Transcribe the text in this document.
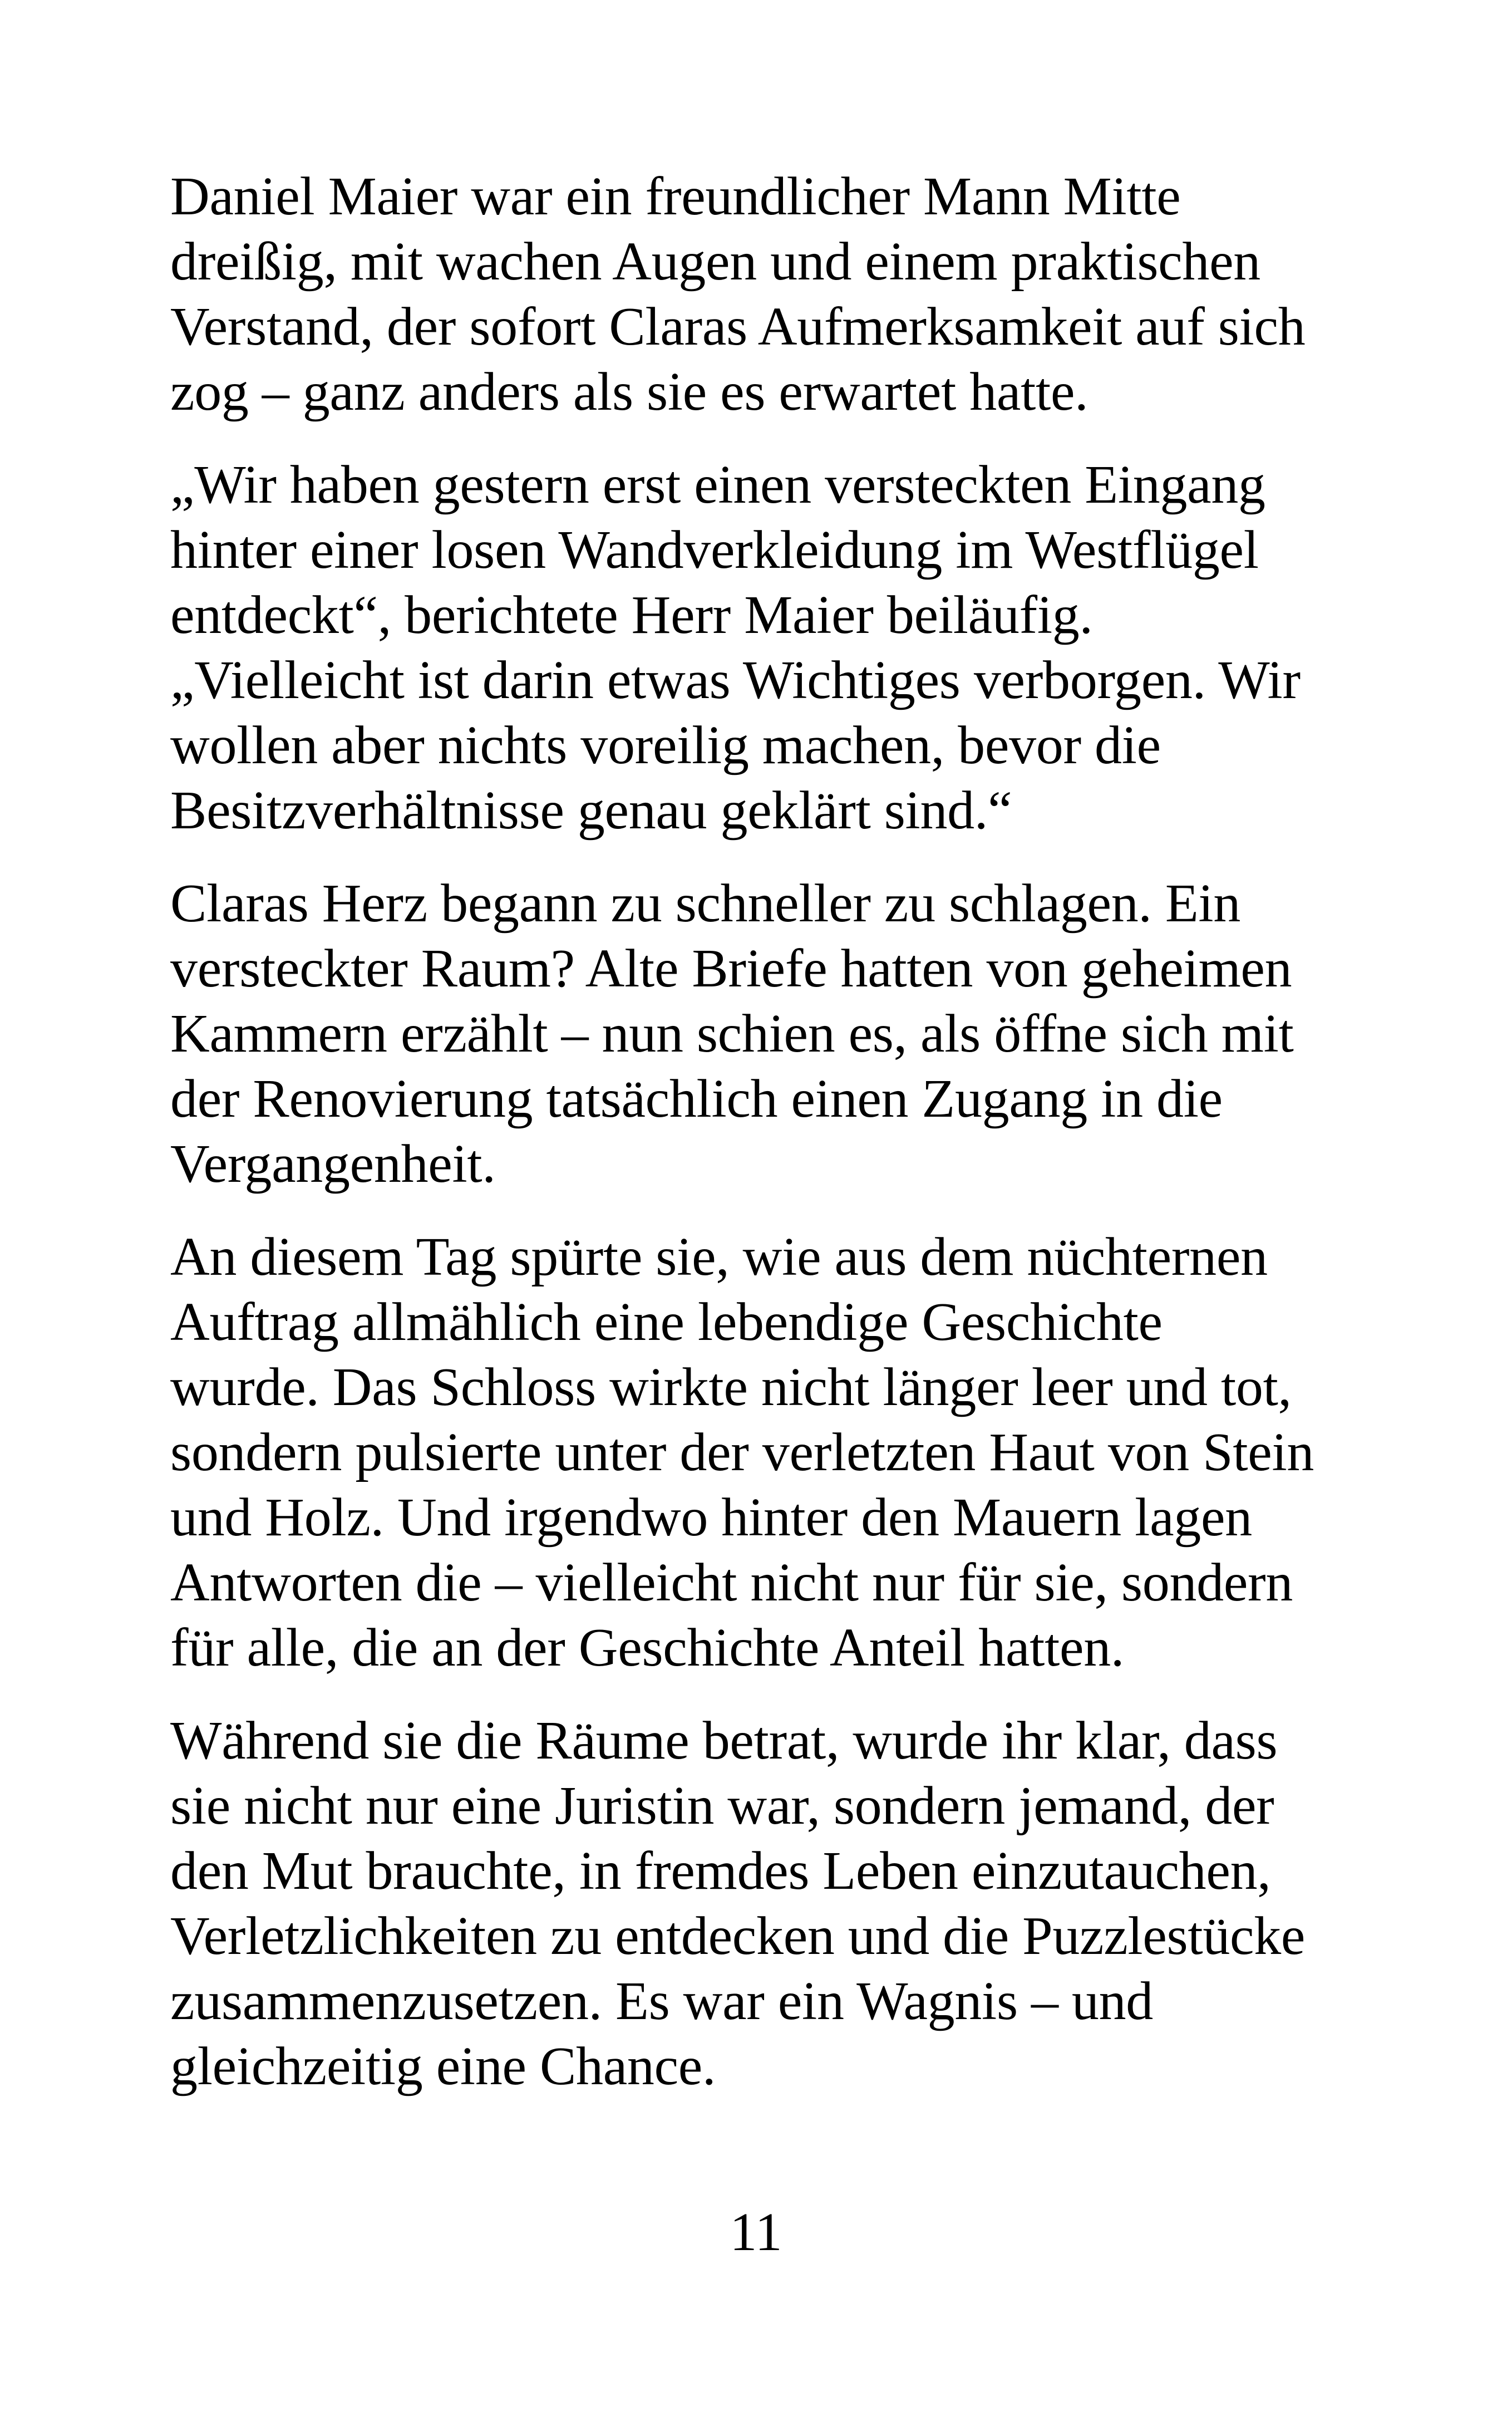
Daniel Maier war ein freundlicher Mann Mitte
dreißig, mit wachen Augen und einem praktischen
Verstand, der sofort Claras Aufmerksamkeit auf sich
zog – ganz anders als sie es erwartet hatte.

„Wir haben gestern erst einen versteckten Eingang
hinter einer losen Wandverkleidung im Westflügel
entdeckt“, berichtete Herr Maier beiläufig.
„Vielleicht ist darin etwas Wichtiges verborgen. Wir
wollen aber nichts voreilig machen, bevor die
Besitzverhältnisse genau geklärt sind.“

Claras Herz begann zu schneller zu schlagen. Ein
versteckter Raum? Alte Briefe hatten von geheimen
Kammern erzählt – nun schien es, als öffne sich mit
der Renovierung tatsächlich einen Zugang in die
Vergangenheit.

An diesem Tag spürte sie, wie aus dem nüchternen
Auftrag allmählich eine lebendige Geschichte
wurde. Das Schloss wirkte nicht länger leer und tot,
sondern pulsierte unter der verletzten Haut von Stein
und Holz. Und irgendwo hinter den Mauern lagen
Antworten die – vielleicht nicht nur für sie, sondern
für alle, die an der Geschichte Anteil hatten.

Während sie die Räume betrat, wurde ihr klar, dass
sie nicht nur eine Juristin war, sondern jemand, der
den Mut brauchte, in fremdes Leben einzutauchen,
Verletzlichkeiten zu entdecken und die Puzzlestücke
zusammenzusetzen. Es war ein Wagnis – und
gleichzeitig eine Chance.

11
